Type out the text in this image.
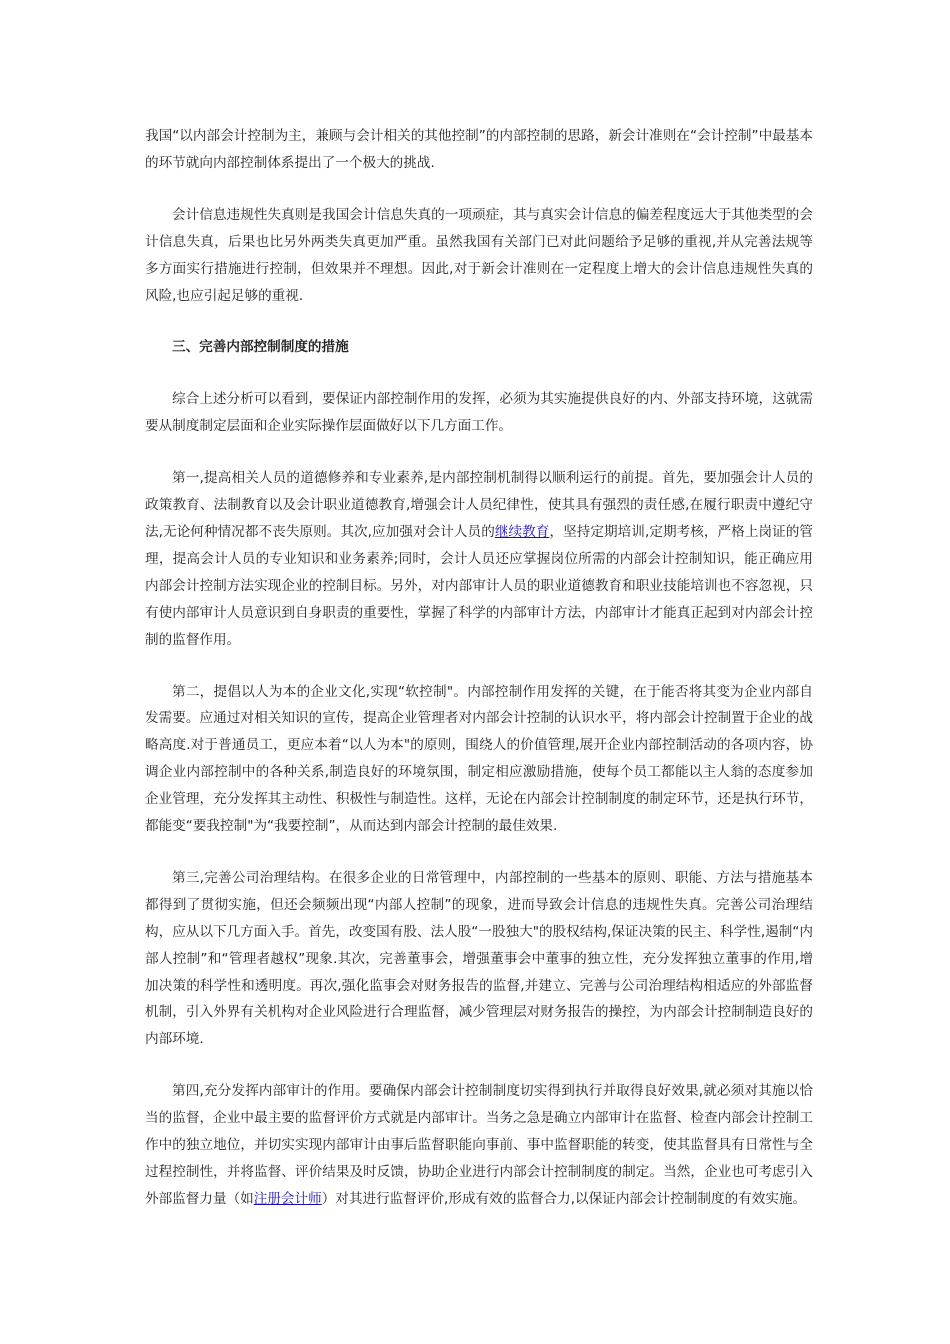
我国“以内部会计控制为主，兼顾与会计相关的其他控制”的内部控制的思路，新会计准则在“会计控制”中最基本的环节就向内部控制体系提出了一个极大的挑战.

会计信息违规性失真则是我国会计信息失真的一项顽症，其与真实会计信息的偏差程度远大于其他类型的会计信息失真，后果也比另外两类失真更加严重。虽然我国有关部门已对此问题给予足够的重视,并从完善法规等多方面实行措施进行控制，但效果并不理想。因此,对于新会计准则在一定程度上增大的会计信息违规性失真的风险,也应引起足够的重视.

三、完善内部控制制度的措施

综合上述分析可以看到，要保证内部控制作用的发挥，必须为其实施提供良好的内、外部支持环境，这就需要从制度制定层面和企业实际操作层面做好以下几方面工作。

第一,提高相关人员的道德修养和专业素养,是内部控制机制得以顺利运行的前提。首先，要加强会计人员的政策教育、法制教育以及会计职业道德教育,增强会计人员纪律性，使其具有强烈的责任感,在履行职责中遵纪守法,无论何种情况都不丧失原则。其次,应加强对会计人员的继续教育，坚持定期培训,定期考核，严格上岗证的管理，提高会计人员的专业知识和业务素养;同时，会计人员还应掌握岗位所需的内部会计控制知识，能正确应用内部会计控制方法实现企业的控制目标。另外，对内部审计人员的职业道德教育和职业技能培训也不容忽视，只有使内部审计人员意识到自身职责的重要性，掌握了科学的内部审计方法，内部审计才能真正起到对内部会计控制的监督作用。

第二，提倡以人为本的企业文化,实现“软控制"。内部控制作用发挥的关键，在于能否将其变为企业内部自发需要。应通过对相关知识的宣传，提高企业管理者对内部会计控制的认识水平，将内部会计控制置于企业的战略高度.对于普通员工，更应本着“以人为本"的原则，围绕人的价值管理,展开企业内部控制活动的各项内容，协调企业内部控制中的各种关系,制造良好的环境氛围，制定相应激励措施，使每个员工都能以主人翁的态度参加企业管理，充分发挥其主动性、积极性与制造性。这样，无论在内部会计控制制度的制定环节，还是执行环节，都能变“要我控制"为“我要控制”，从而达到内部会计控制的最佳效果.

第三,完善公司治理结构。在很多企业的日常管理中，内部控制的一些基本的原则、职能、方法与措施基本都得到了贯彻实施，但还会频频出现“内部人控制”的现象，进而导致会计信息的违规性失真。完善公司治理结构，应从以下几方面入手。首先，改变国有股、法人股“一股独大"的股权结构,保证决策的民主、科学性,遏制“内部人控制”和“管理者越权”现象.其次，完善董事会，增强董事会中董事的独立性，充分发挥独立董事的作用,增加决策的科学性和透明度。再次,强化监事会对财务报告的监督,并建立、完善与公司治理结构相适应的外部监督机制，引入外界有关机构对企业风险进行合理监督，减少管理层对财务报告的操控，为内部会计控制制造良好的内部环境.

第四,充分发挥内部审计的作用。要确保内部会计控制制度切实得到执行并取得良好效果,就必须对其施以恰当的监督，企业中最主要的监督评价方式就是内部审计。当务之急是确立内部审计在监督、检查内部会计控制工作中的独立地位，并切实实现内部审计由事后监督职能向事前、事中监督职能的转变，使其监督具有日常性与全过程控制性，并将监督、评价结果及时反馈，协助企业进行内部会计控制制度的制定。当然，企业也可考虑引入外部监督力量（如注册会计师）对其进行监督评价,形成有效的监督合力,以保证内部会计控制制度的有效实施。
